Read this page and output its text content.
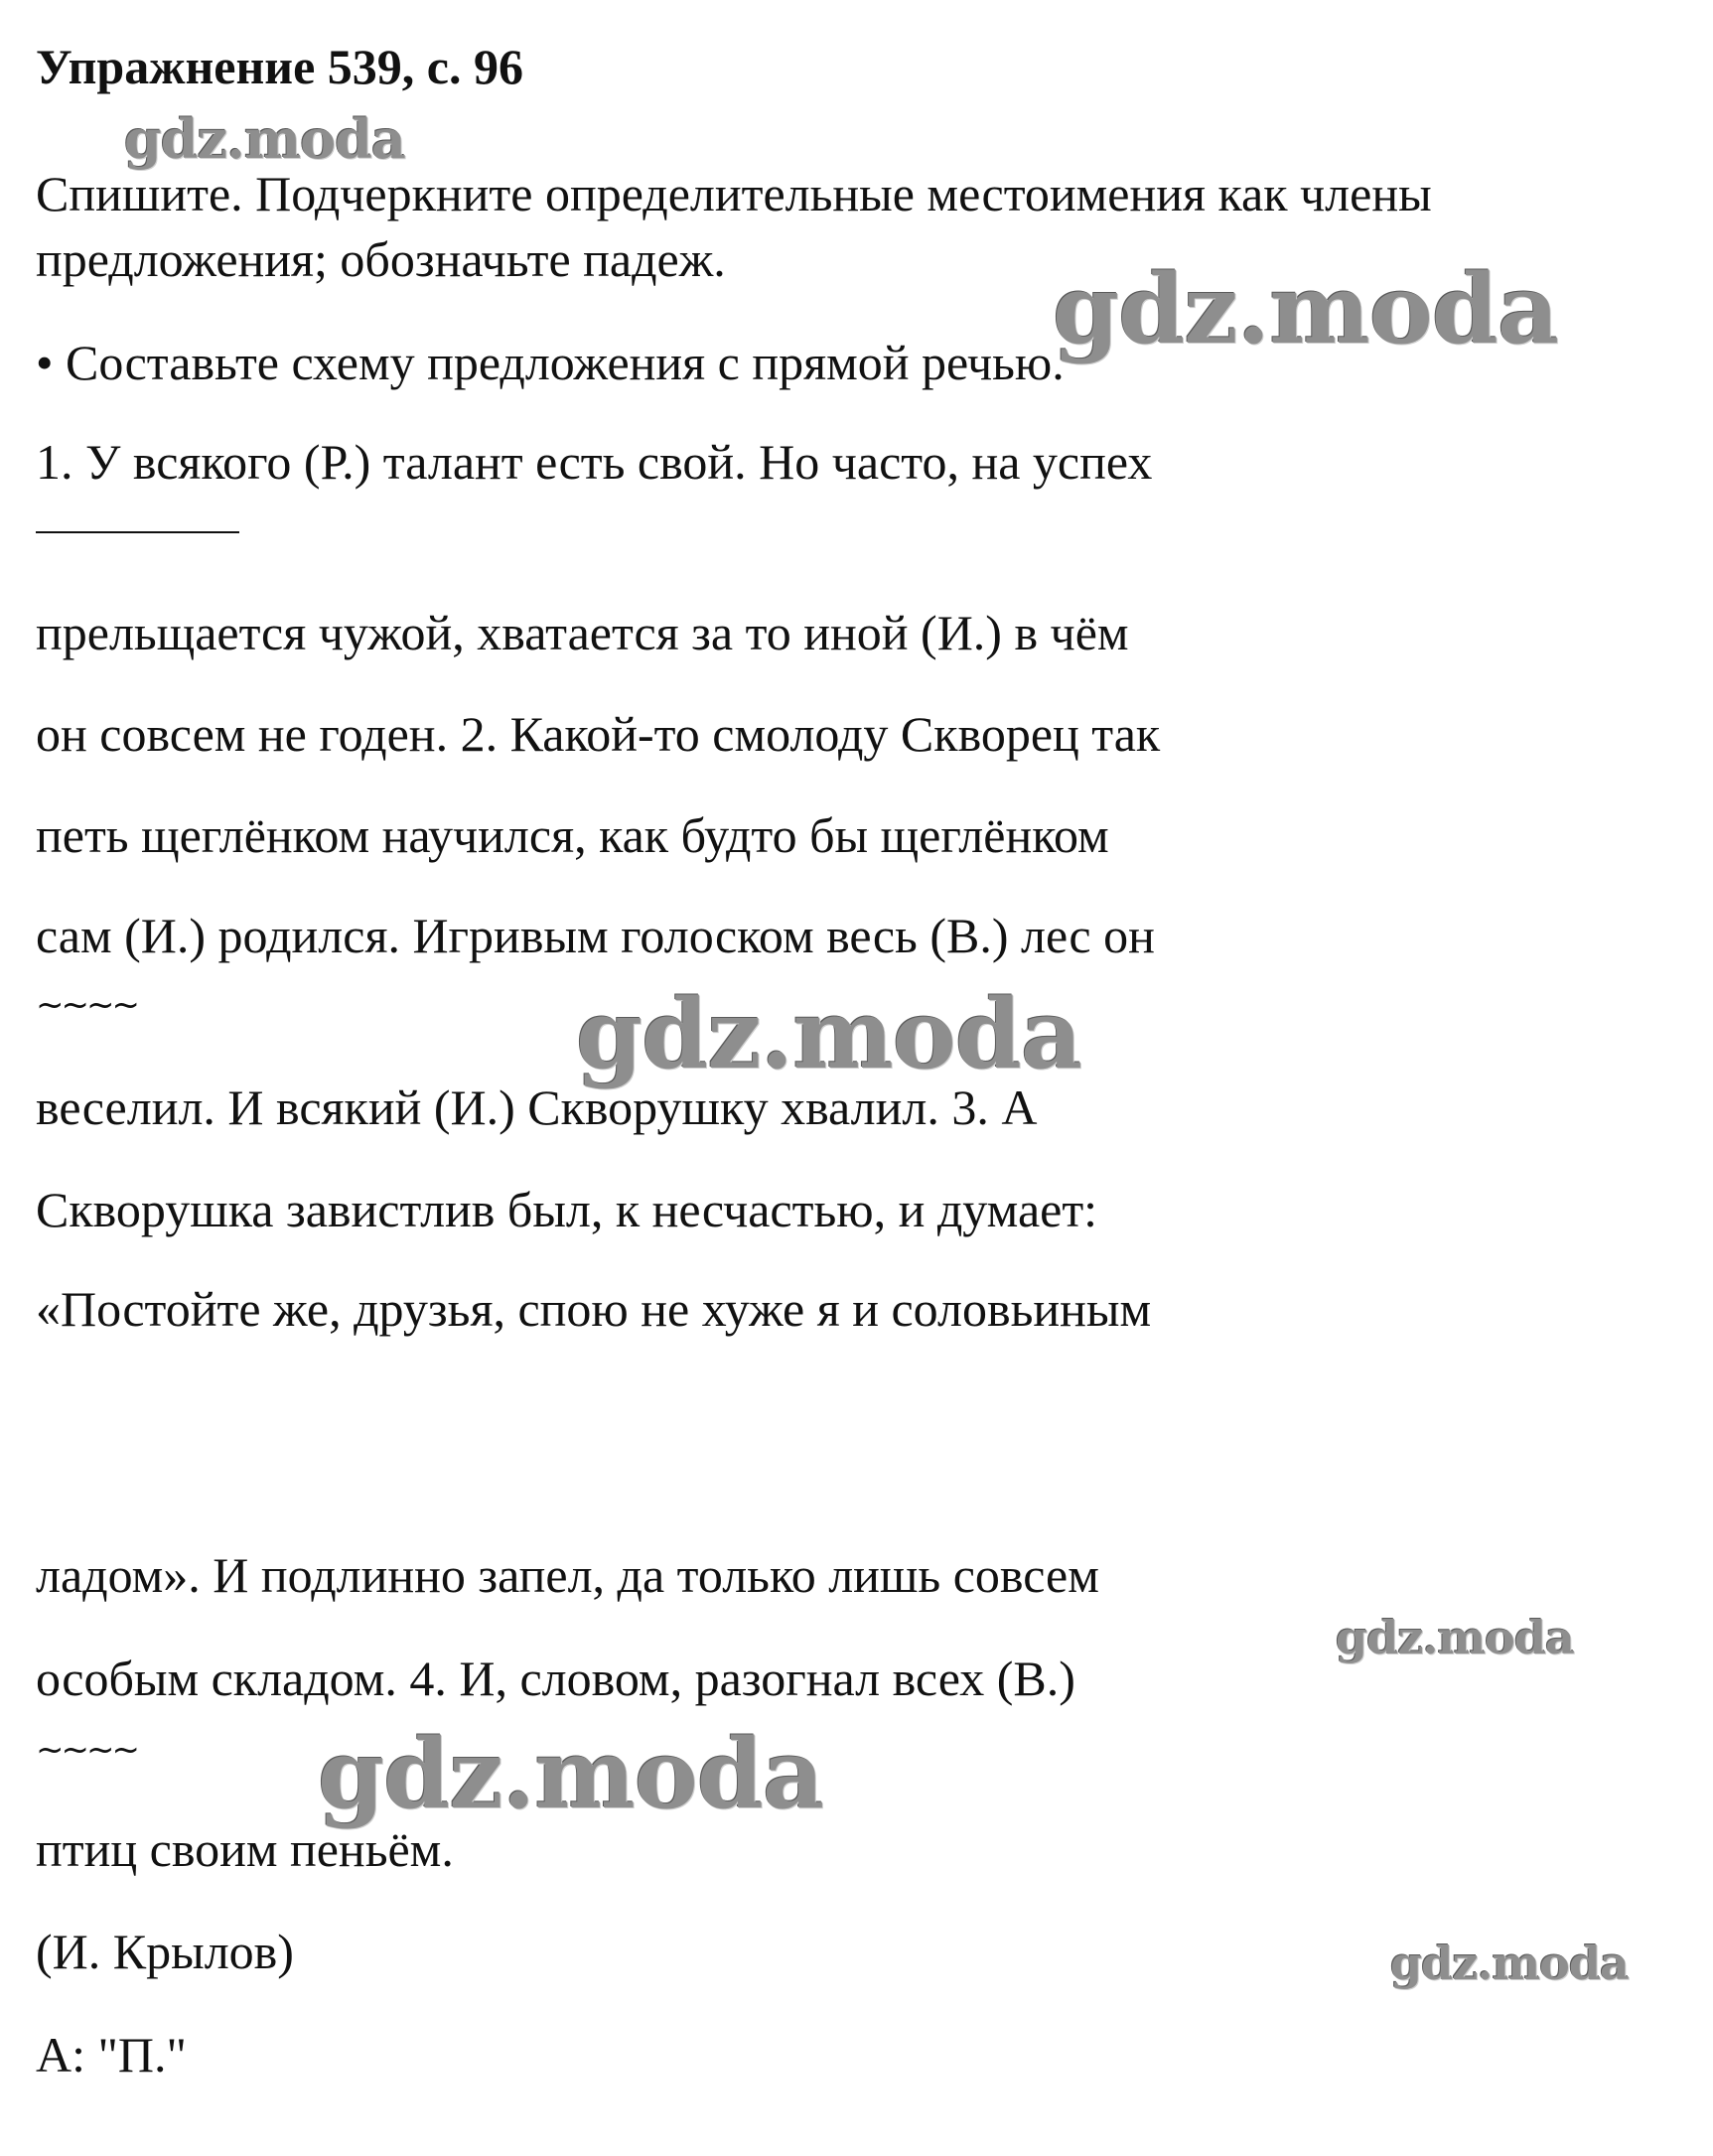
Упражнение 539, с. 96
Спишите. Подчеркните определительные местоимения как члены
предложения; обозначьте падеж.
• Составьте схему предложения с прямой речью.
1. У всякого (Р.) талант есть свой. Но часто, на успех
прельщается чужой, хватается за то иной (И.) в чём
он совсем не годен. 2. Какой-то смолоду Скворец так
петь щеглёнком научился, как будто бы щеглёнком
сам (И.) родился. Игривым голоском весь (В.) лес он
~~~~
веселил. И всякий (И.) Скворушку хвалил. 3. А
Скворушка завистлив был, к несчастью, и думает:
«Постойте же, друзья, спою не хуже я и соловьиным
ладом». И подлинно запел, да только лишь совсем
особым складом. 4. И, словом, разогнал всех (В.)
~~~~
птиц своим пеньём.
(И. Крылов)
А: "П."
gdz.moda
gdz.moda
gdz.moda
gdz.moda
gdz.moda
gdz.moda
